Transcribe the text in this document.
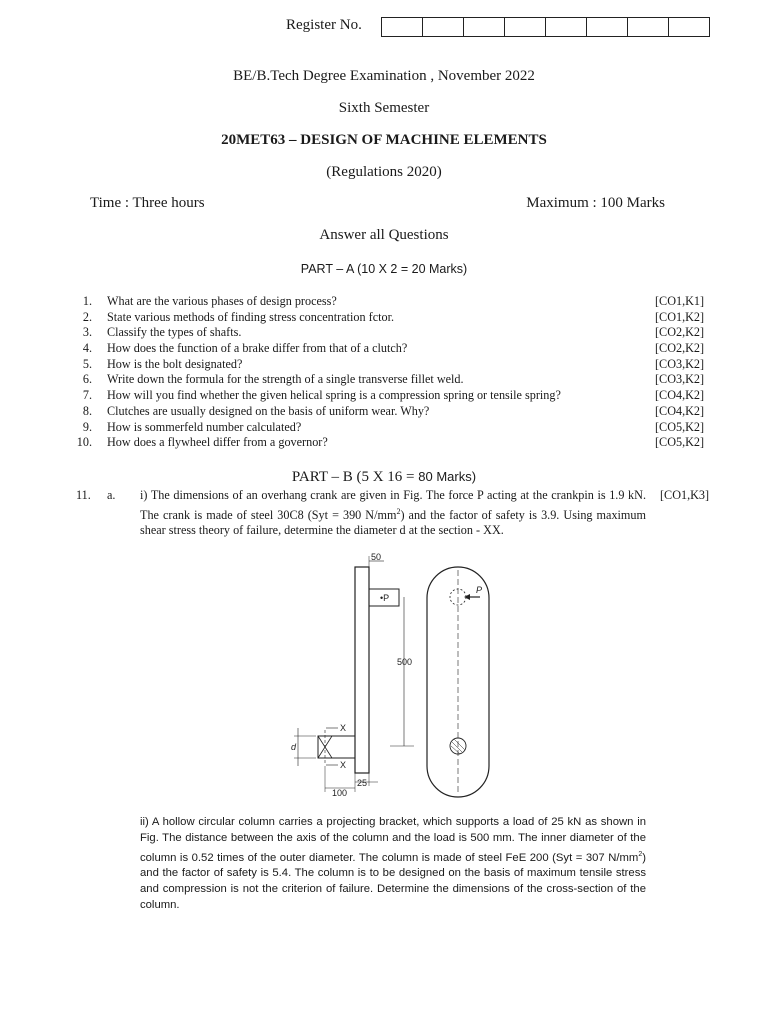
Register No.
BE/B.Tech Degree Examination , November 2022
Sixth Semester
20MET63 – DESIGN OF MACHINE ELEMENTS
(Regulations 2020)
Time : Three hours	Maximum : 100 Marks
Answer all Questions
PART – A (10 X 2 = 20 Marks)
1. What are the various phases of design process?	[CO1,K1]
2. State various methods of finding stress concentration fctor.	[CO1,K2]
3. Classify the types of shafts.	[CO2,K2]
4. How does the function of a brake differ from that of a clutch?	[CO2,K2]
5. How is the bolt designated?	[CO3,K2]
6. Write down the formula for the strength of a single transverse fillet weld.	[CO3,K2]
7. How will you find whether the given helical spring is a compression spring or tensile spring?	[CO4,K2]
8. Clutches are usually designed on the basis of uniform wear. Why?	[CO4,K2]
9. How is sommerfeld number calculated?	[CO5,K2]
10. How does a flywheel differ from a governor?	[CO5,K2]
PART – B (5 X 16 = 80 Marks)
11. a.	[CO1,K3]
i) The dimensions of an overhang crank are given in Fig. The force P acting at the crankpin is 1.9 kN. The crank is made of steel 30C8 (Syt = 390 $N/mm^2$) and the factor of safety is 3.9. Using maximum shear stress theory of failure, determine the diameter d at the section - XX.
•P
X
X
d
50
500
25
100
P
ii) A hollow circular column carries a projecting bracket, which supports a load of 25 kN as shown in Fig. The distance between the axis of the column and the load is 500 mm. The inner diameter of the column is 0.52 times of the outer diameter. The column is made of steel FeE 200 (Syt = 307 $N/mm^2$) and the factor of safety is 5.4. The column is to be designed on the basis of maximum tensile stress and compression is not the criterion of failure. Determine the dimensions of the cross-section of the column.
